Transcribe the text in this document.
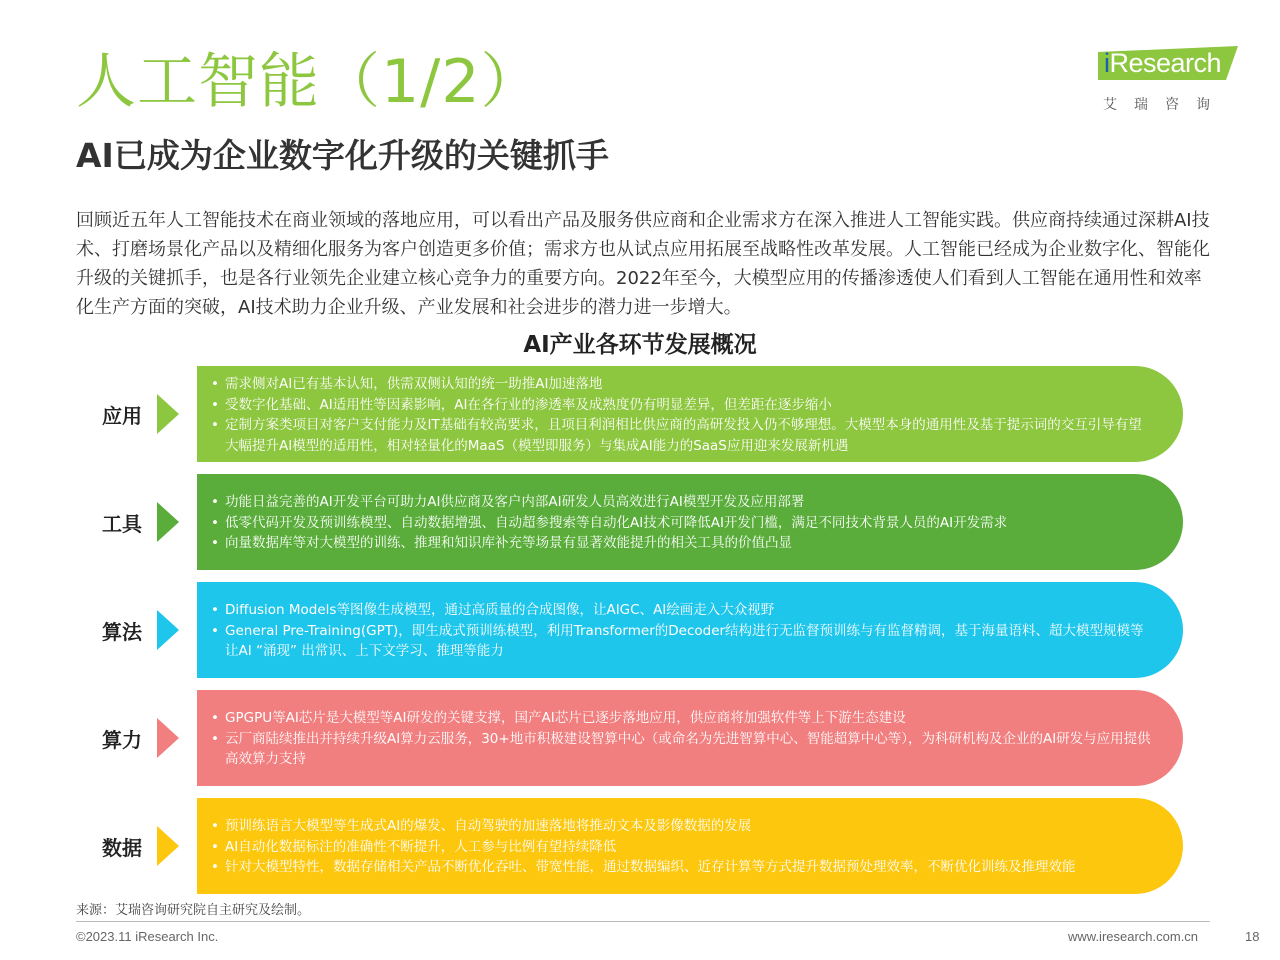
人工智能（1/2）
AI已成为企业数字化升级的关键抓手
iResearch
艾瑞咨询

回顾近五年人工智能技术在商业领域的落地应用，可以看出产品及服务供应商和企业需求方在深入推进人工智能实践。供应商持续通过深耕AI技术、打磨场景化产品以及精细化服务为客户创造更多价值；需求方也从试点应用拓展至战略性改革发展。人工智能已经成为企业数字化、智能化升级的关键抓手，也是各行业领先企业建立核心竞争力的重要方向。2022年至今，大模型应用的传播渗透使人们看到人工智能在通用性和效率化生产方面的突破，AI技术助力企业升级、产业发展和社会进步的潜力进一步增大。

AI产业各环节发展概况
应用
• 需求侧对AI已有基本认知，供需双侧认知的统一助推AI加速落地
• 受数字化基础、AI适用性等因素影响，AI在各行业的渗透率及成熟度仍有明显差异，但差距在逐步缩小
• 定制方案类项目对客户支付能力及IT基础有较高要求，且项目利润相比供应商的高研发投入仍不够理想。大模型本身的通用性及基于提示词的交互引导有望大幅提升AI模型的适用性，相对轻量化的MaaS（模型即服务）与集成AI能力的SaaS应用迎来发展新机遇
工具
• 功能日益完善的AI开发平台可助力AI供应商及客户内部AI研发人员高效进行AI模型开发及应用部署
• 低零代码开发及预训练模型、自动数据增强、自动超参搜索等自动化AI技术可降低AI开发门槛，满足不同技术背景人员的AI开发需求
• 向量数据库等对大模型的训练、推理和知识库补充等场景有显著效能提升的相关工具的价值凸显
算法
• Diffusion Models等图像生成模型，通过高质量的合成图像，让AIGC、AI绘画走入大众视野
• General Pre-Training(GPT)，即生成式预训练模型，利用Transformer的Decoder结构进行无监督预训练与有监督精调，基于海量语料、超大模型规模等让AI “涌现” 出常识、上下文学习、推理等能力
算力
• GPGPU等AI芯片是大模型等AI研发的关键支撑，国产AI芯片已逐步落地应用，供应商将加强软件等上下游生态建设
• 云厂商陆续推出并持续升级AI算力云服务，30+地市积极建设智算中心（或命名为先进智算中心、智能超算中心等），为科研机构及企业的AI研发与应用提供高效算力支持
数据
• 预训练语言大模型等生成式AI的爆发、自动驾驶的加速落地将推动文本及影像数据的发展
• AI自动化数据标注的准确性不断提升，人工参与比例有望持续降低
• 针对大模型特性，数据存储相关产品不断优化吞吐、带宽性能，通过数据编织、近存计算等方式提升数据预处理效率，不断优化训练及推理效能
来源：艾瑞咨询研究院自主研究及绘制。
©2023.11 iResearch Inc.	www.iresearch.com.cn	18
